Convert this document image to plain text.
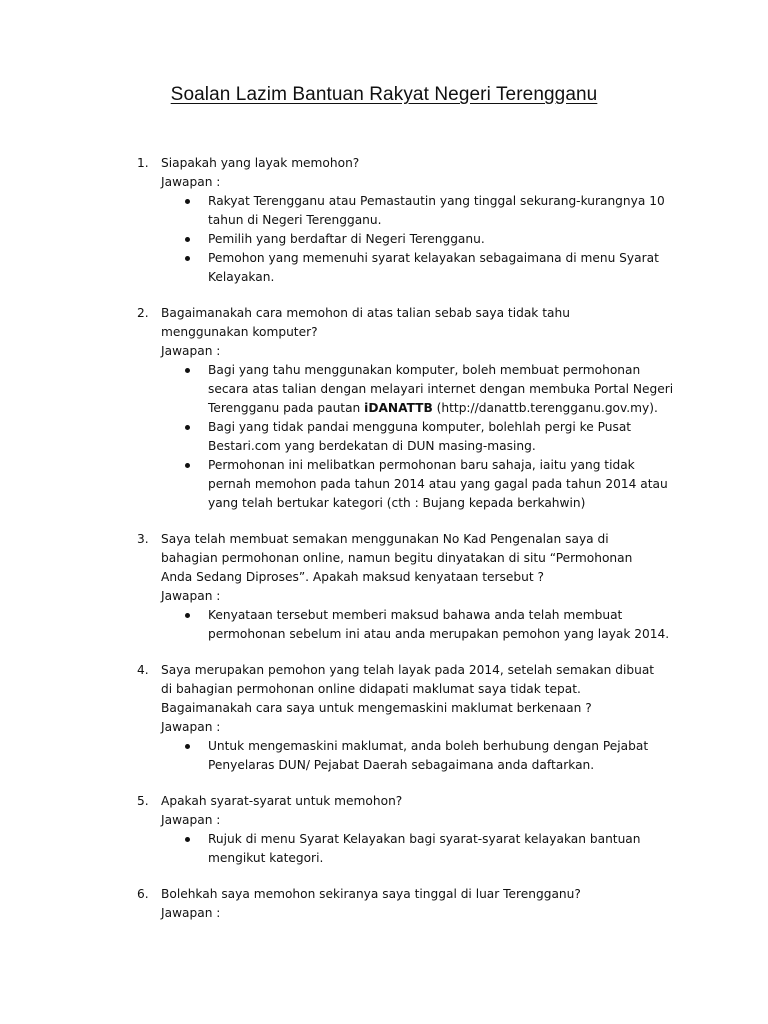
Soalan Lazim Bantuan Rakyat Negeri Terengganu
1.	Siapakah yang layak memohon?
Jawapan :
Rakyat Terengganu atau Pemastautin yang tinggal sekurang-kurangnya 10 tahun di Negeri Terengganu.
Pemilih yang berdaftar di Negeri Terengganu.
Pemohon yang memenuhi syarat kelayakan sebagaimana di menu Syarat Kelayakan.
2.	Bagaimanakah cara memohon di atas talian sebab saya tidak tahu menggunakan komputer?
Jawapan :
Bagi yang tahu menggunakan komputer, boleh membuat permohonan secara atas talian dengan melayari internet dengan membuka Portal Negeri Terengganu pada pautan iDANATTB (http://danattb.terengganu.gov.my).
Bagi yang tidak pandai mengguna komputer, bolehlah pergi ke Pusat Bestari.com yang berdekatan di DUN masing-masing.
Permohonan ini melibatkan permohonan baru sahaja, iaitu yang tidak pernah memohon pada tahun 2014 atau yang gagal pada tahun 2014 atau yang telah bertukar kategori (cth : Bujang kepada berkahwin)
3.	Saya telah membuat semakan menggunakan No Kad Pengenalan saya di bahagian permohonan online, namun begitu dinyatakan di situ “Permohonan Anda Sedang Diproses”. Apakah maksud kenyataan tersebut ?
Jawapan :
Kenyataan tersebut memberi maksud bahawa anda telah membuat permohonan sebelum ini atau anda merupakan pemohon yang layak 2014.
4.	Saya merupakan pemohon yang telah layak pada 2014, setelah semakan dibuat di bahagian permohonan online didapati maklumat saya tidak tepat. Bagaimanakah cara saya untuk mengemaskini maklumat berkenaan ?
Jawapan :
Untuk mengemaskini maklumat, anda boleh berhubung dengan Pejabat Penyelaras DUN/ Pejabat Daerah sebagaimana anda daftarkan.
5.	Apakah syarat-syarat untuk memohon?
Jawapan :
Rujuk di menu Syarat Kelayakan bagi syarat-syarat kelayakan bantuan mengikut kategori.
6.	Bolehkah saya memohon sekiranya saya tinggal di luar Terengganu?
Jawapan :
